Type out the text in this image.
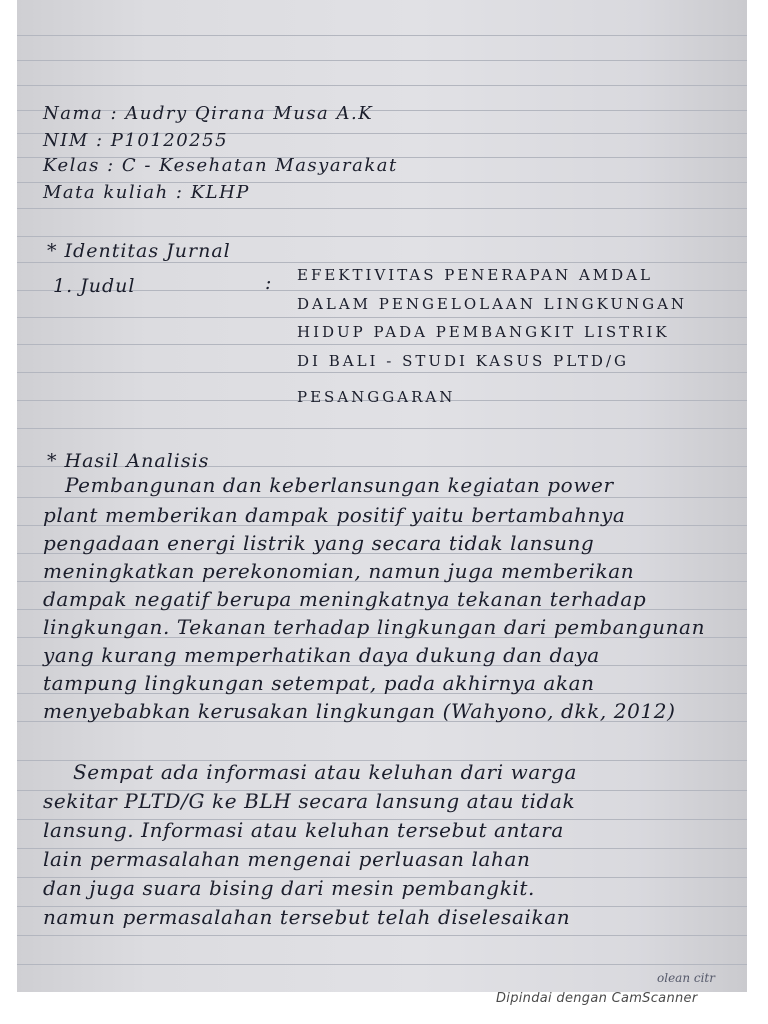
Nama : Audry Qirana Musa A.K
NIM : P10120255
Kelas : C - Kesehatan Masyarakat
Mata kuliah : KLHP
* Identitas Jurnal
1. Judul	: EFEKTIVITAS PENERAPAN AMDAL
DALAM PENGELOLAAN LINGKUNGAN
HIDUP PADA PEMBANGKIT LISTRIK
DI BALI - STUDI KASUS PLTD/G
PESANGGARAN
* Hasil Analisis
Pembangunan dan keberlansungan kegiatan power
plant memberikan dampak positif yaitu bertambahnya
pengadaan energi listrik yang secara tidak lansung
meningkatkan perekonomian, namun juga memberikan
dampak negatif berupa meningkatnya tekanan terhadap
lingkungan. Tekanan terhadap lingkungan dari pembangunan
yang kurang memperhatikan daya dukung dan daya
tampung lingkungan setempat, pada akhirnya akan
menyebabkan kerusakan lingkungan (Wahyono, dkk, 2012)
Sempat ada informasi atau keluhan dari warga
sekitar PLTD/G ke BLH secara lansung atau tidak
lansung. Informasi atau keluhan tersebut antara
lain permasalahan mengenai perluasan lahan
dan juga suara bising dari mesin pembangkit.
namun permasalahan tersebut telah diselesaikan
olean citr
Dipindai dengan CamScanner
